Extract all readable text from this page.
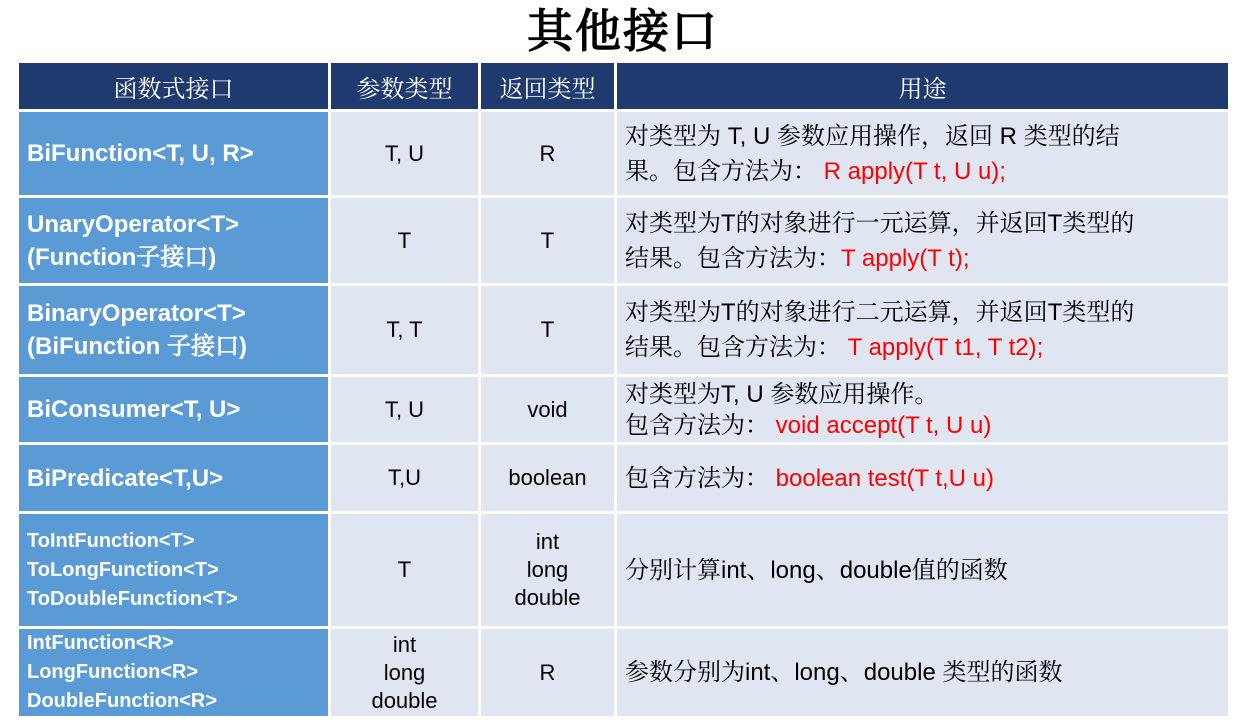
其他接口
函数式接口	参数类型	返回类型	用途

BiFunction<T, U, R>	T, U	R	对类型为 T, U 参数应用操作，返回 R 类型的结
果。包含方法为： R apply(T t, U u);

UnaryOperator<T>
(Function子接口)	T	T	对类型为T的对象进行一元运算，并返回T类型的
结果。包含方法为：T apply(T t);

BinaryOperator<T>
(BiFunction 子接口)	T, T	T	对类型为T的对象进行二元运算，并返回T类型的
结果。包含方法为： T apply(T t1, T t2);

BiConsumer<T, U>	T, U	void	对类型为T, U 参数应用操作。
包含方法为： void accept(T t, U u)

BiPredicate<T,U>	T,U	boolean	包含方法为： boolean test(T t,U u)

ToIntFunction<T>
ToLongFunction<T>
ToDoubleFunction<T>	T	int
long
double	分别计算int、long、double值的函数

IntFunction<R>
LongFunction<R>
DoubleFunction<R>	int
long
double	R	参数分别为int、long、double 类型的函数
